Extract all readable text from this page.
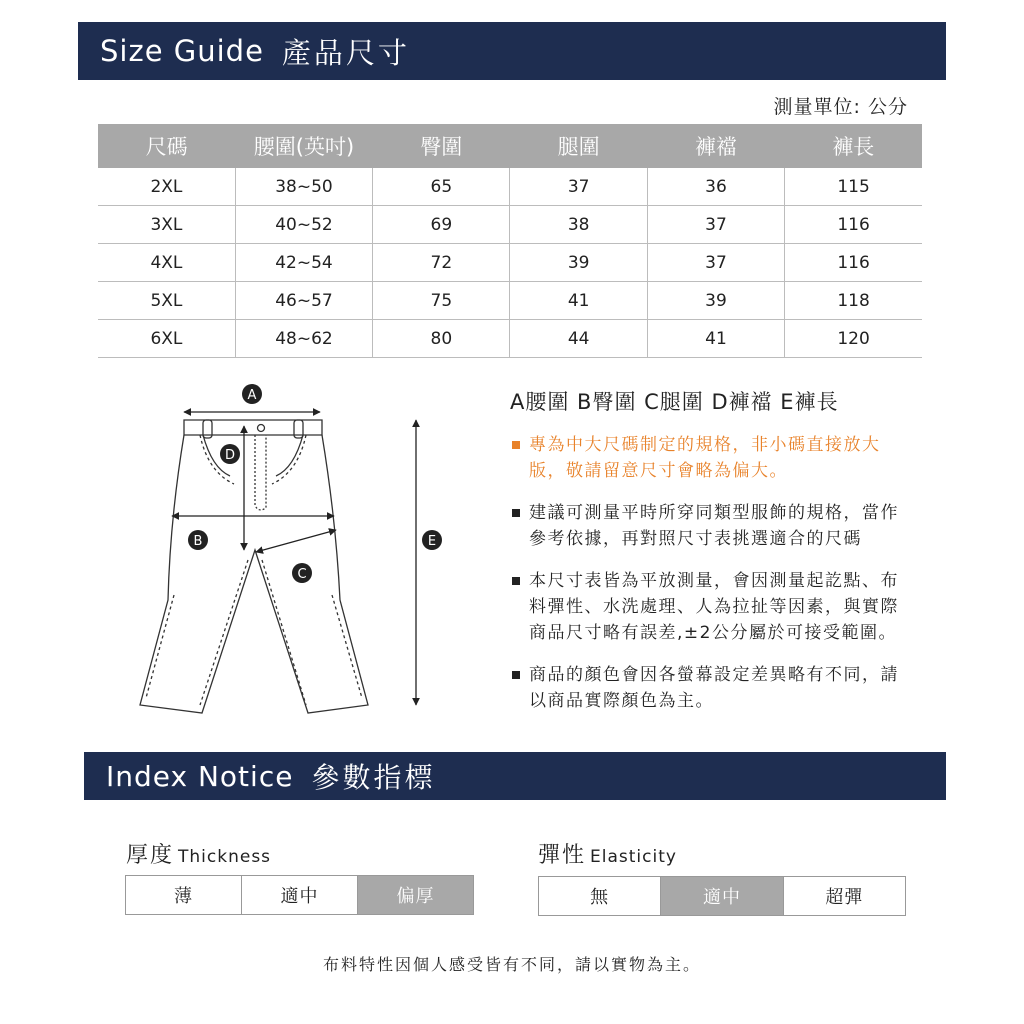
Size Guide 產品尺寸
測量單位: 公分
尺碼	腰圍(英吋)	臀圍	腿圍	褲襠	褲長
2XL	38~50	65	37	36	115
3XL	40~52	69	38	37	116
4XL	42~54	72	39	37	116
5XL	46~57	75	41	39	118
6XL	48~62	80	44	41	120
A
D
B
C
E
A腰圍 B臀圍 C腿圍 D褲襠 E褲長
專為中大尺碼制定的規格，非小碼直接放大版，敬請留意尺寸會略為偏大。
建議可測量平時所穿同類型服飾的規格，當作參考依據，再對照尺寸表挑選適合的尺碼
本尺寸表皆為平放測量，會因測量起訖點、布料彈性、水洗處理、人為拉扯等因素，與實際商品尺寸略有誤差,±2公分屬於可接受範圍。
商品的顏色會因各螢幕設定差異略有不同，請以商品實際顏色為主。
Index Notice 參數指標
厚度 Thickness
薄	適中	偏厚
彈性 Elasticity
無	適中	超彈
布料特性因個人感受皆有不同，請以實物為主。
